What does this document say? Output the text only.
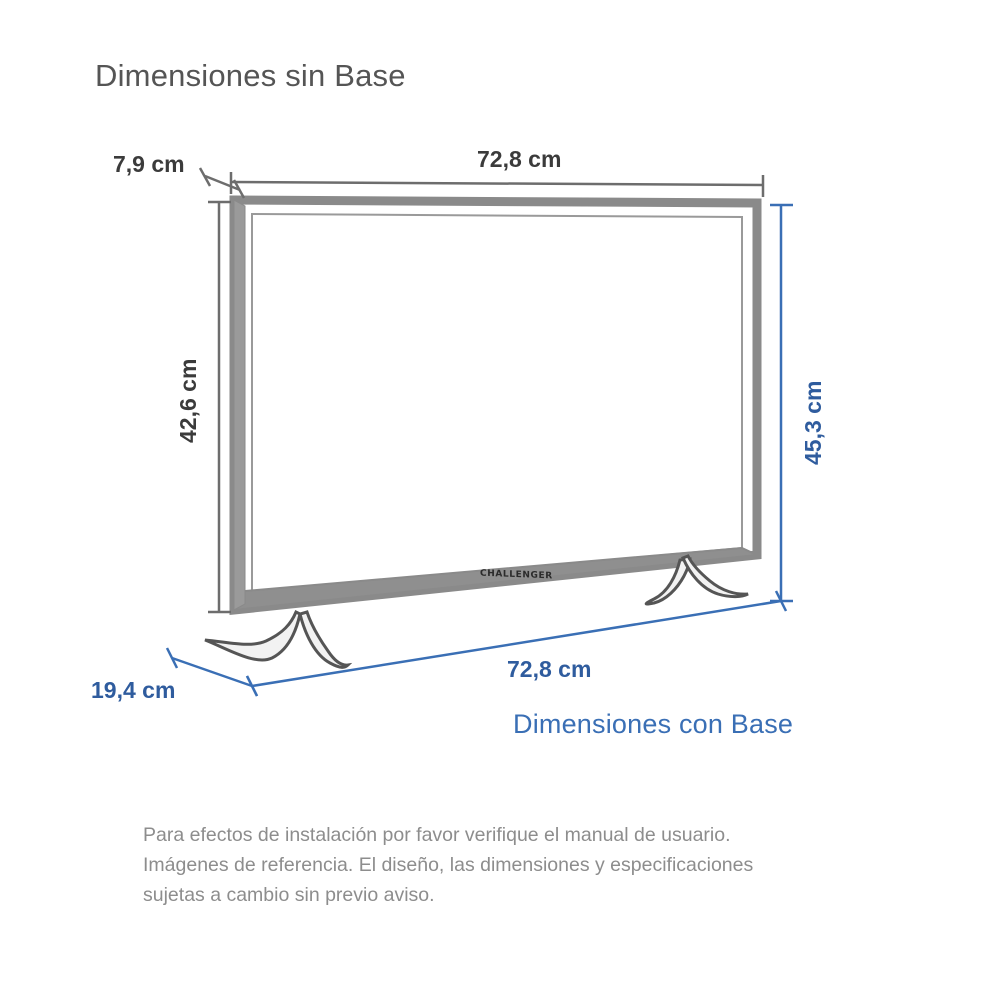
Dimensiones sin Base
CHALLENGER
7,9 cm	72,8 cm
42,6 cm	45,3 cm
19,4 cm
72,8 cm
Dimensiones con Base
Para efectos de instalación por favor verifique el manual de usuario.
Imágenes de referencia. El diseño, las dimensiones y especificaciones
sujetas a cambio sin previo aviso.
